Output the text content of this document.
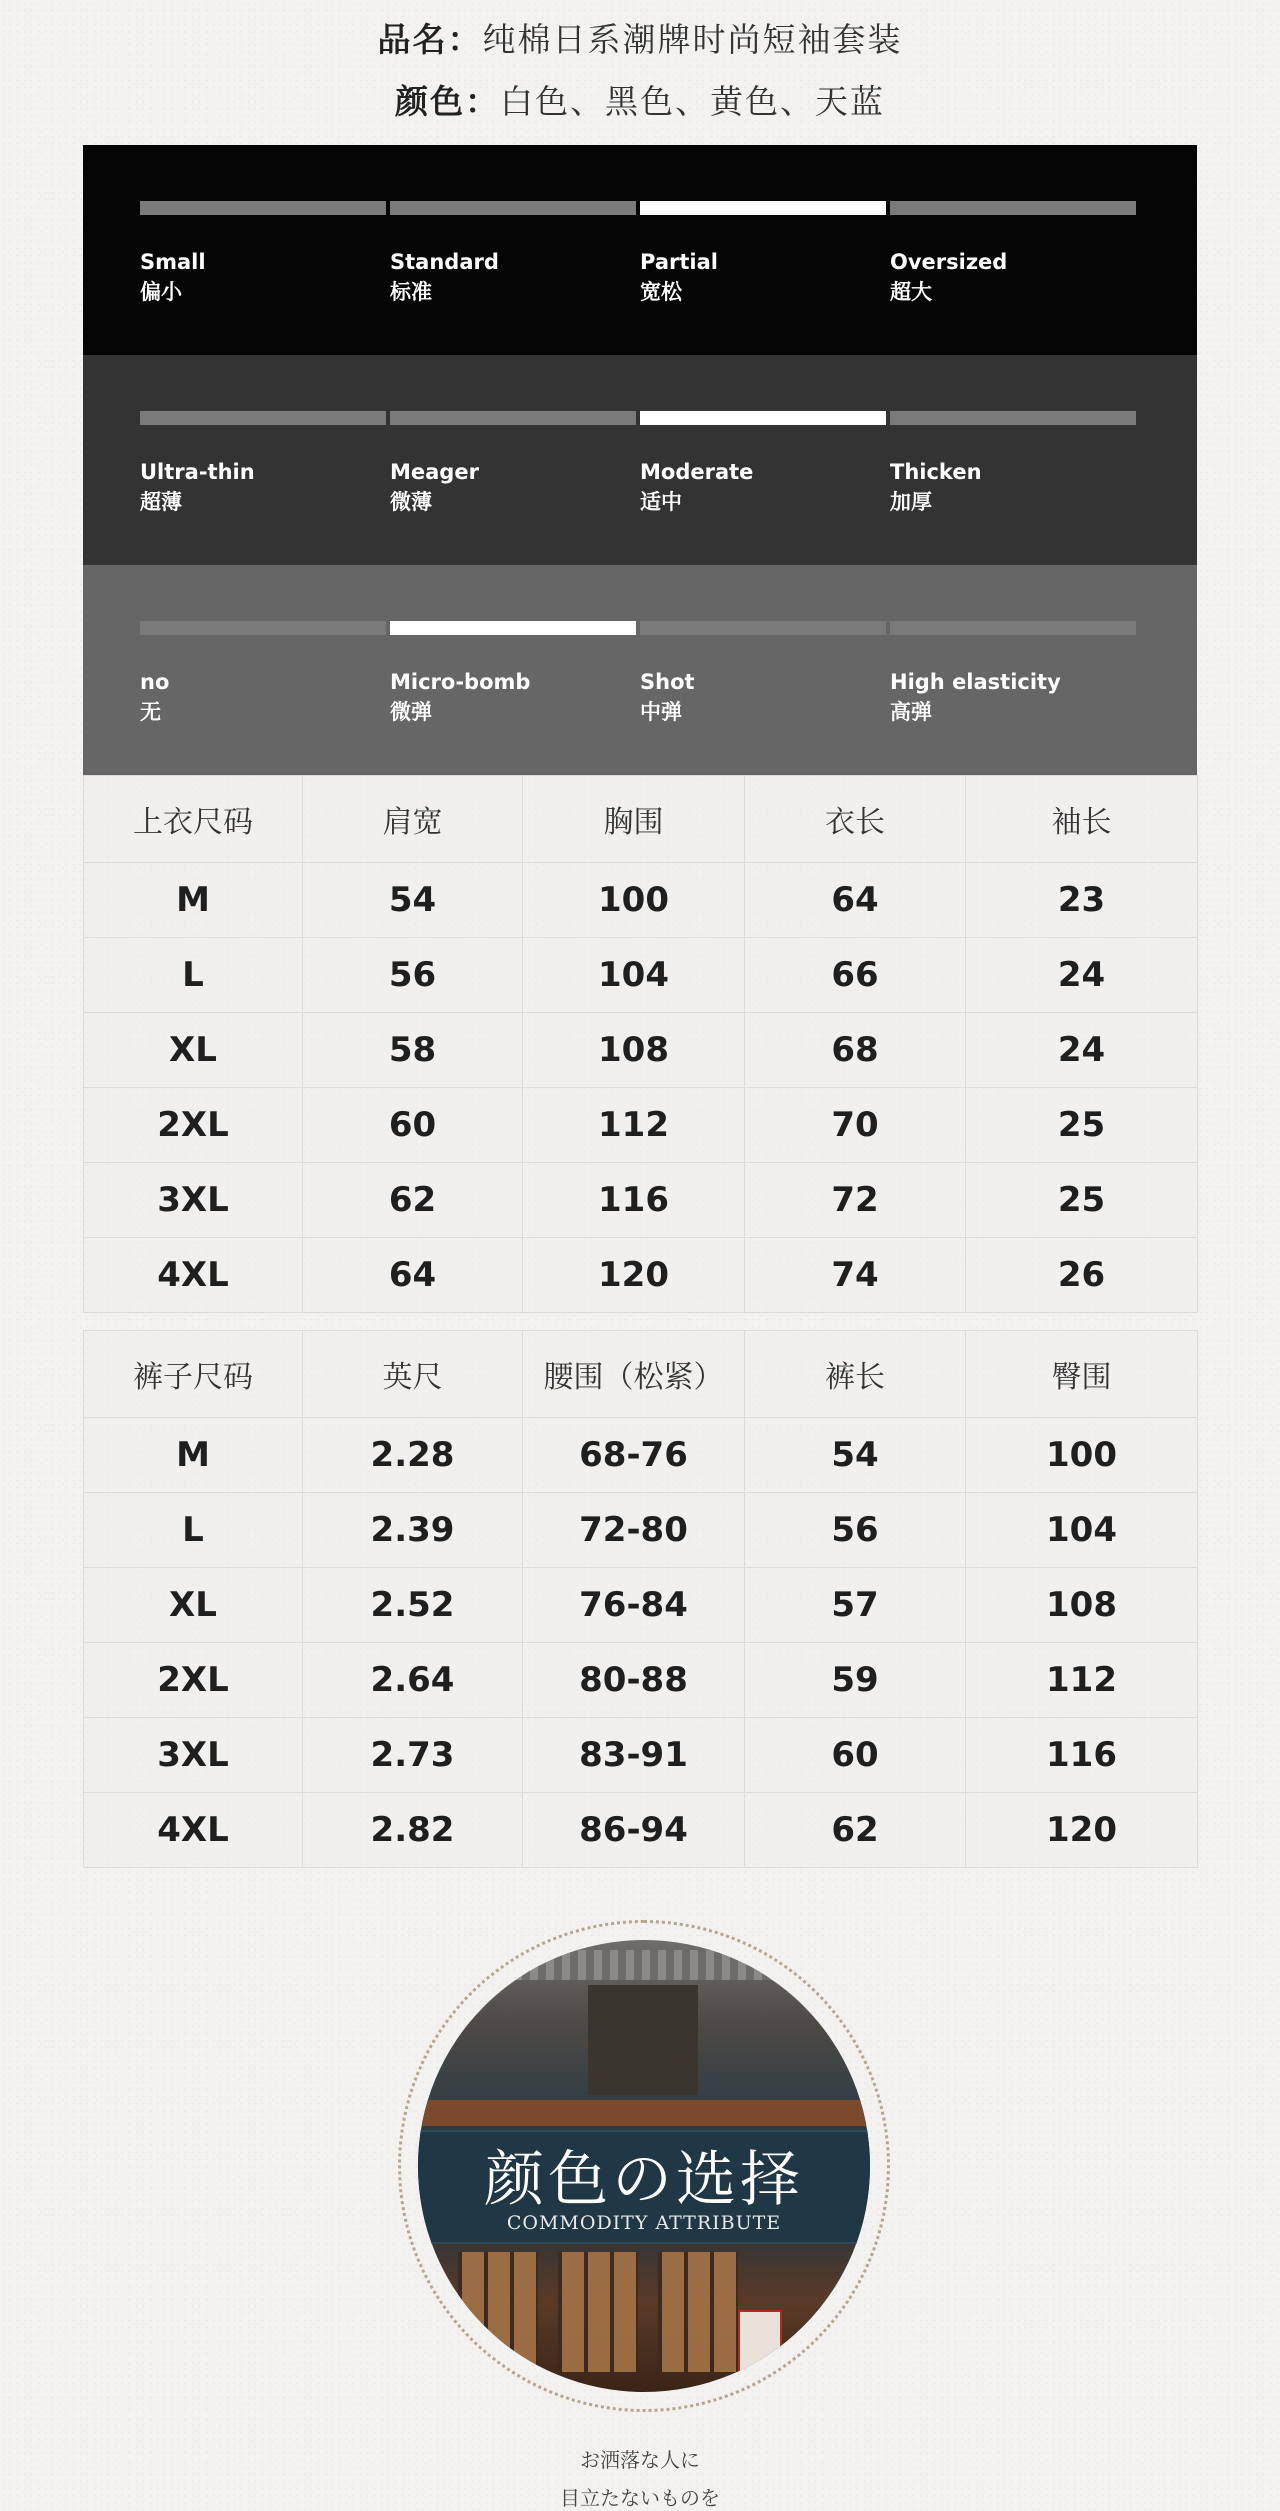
品名：纯棉日系潮牌时尚短袖套装
颜色：白色、黑色、黄色、天蓝
Small
偏小
Standard
标准
Partial
宽松
Oversized
超大
Ultra-thin
超薄
Meager
微薄
Moderate
适中
Thicken
加厚
no
无
Micro-bomb
微弹
Shot
中弹
High elasticity
高弹
上衣尺码	肩宽	胸围	衣长	袖长
M	54	100	64	23
L	56	104	66	24
XL	58	108	68	24
2XL	60	112	70	25
3XL	62	116	72	25
4XL	64	120	74	26
裤子尺码	英尺	腰围（松紧）	裤长	臀围
M	2.28	68-76	54	100
L	2.39	72-80	56	104
XL	2.52	76-84	57	108
2XL	2.64	80-88	59	112
3XL	2.73	83-91	60	116
4XL	2.82	86-94	62	120
颜色の选择
COMMODITY ATTRIBUTE
お洒落な人に
目立たないものを
